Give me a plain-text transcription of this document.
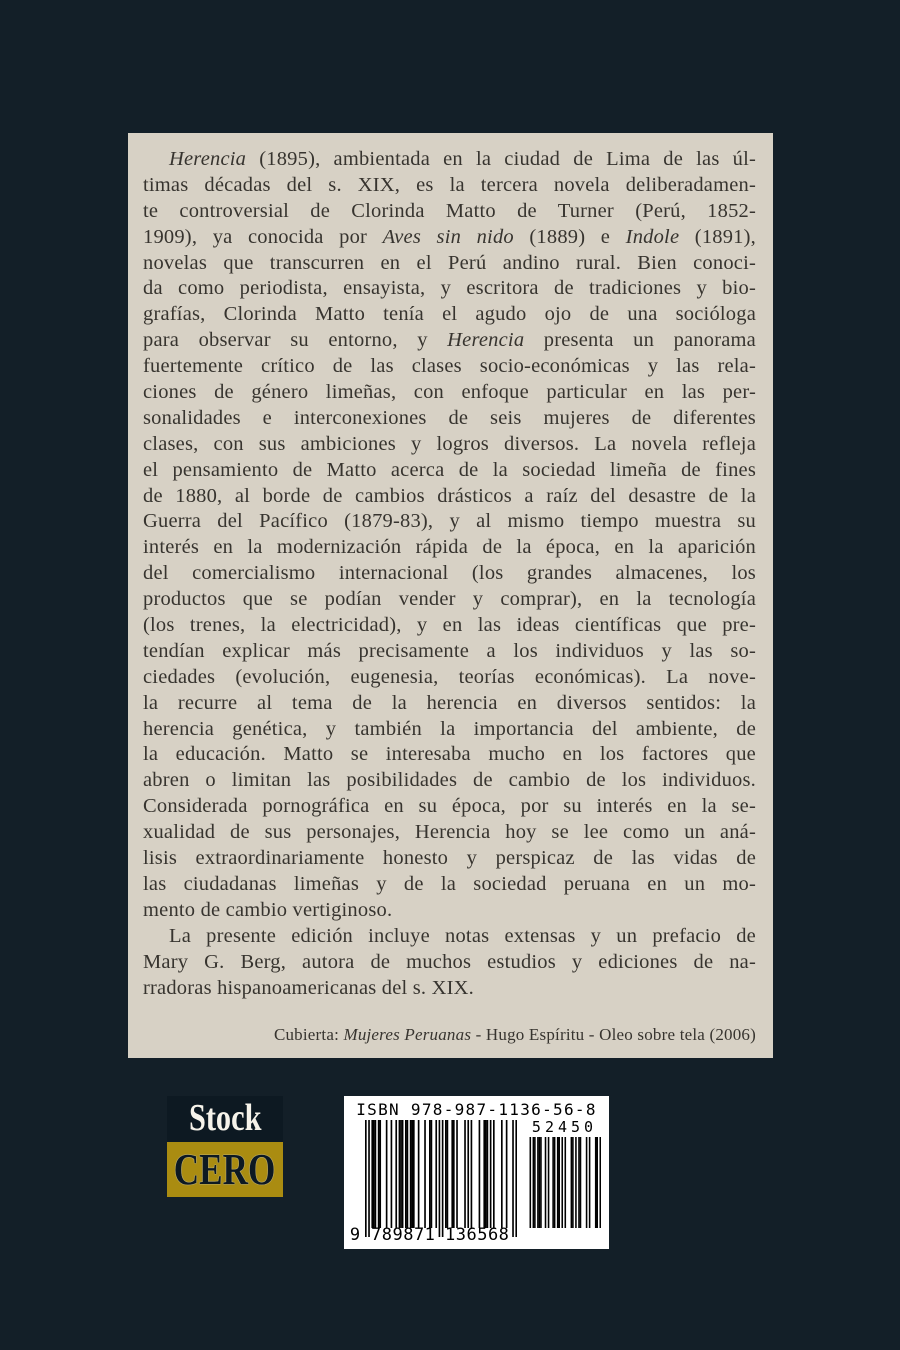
Herencia (1895), ambientada en la ciudad de Lima de las úl-
timas décadas del s. XIX, es la tercera novela deliberadamen-
te controversial de Clorinda Matto de Turner (Perú, 1852-
1909), ya conocida por Aves sin nido (1889) e Indole (1891),
novelas que transcurren en el Perú andino rural. Bien conoci-
da como periodista, ensayista, y escritora de tradiciones y bio-
grafías, Clorinda Matto tenía el agudo ojo de una socióloga
para observar su entorno, y Herencia presenta un panorama
fuertemente crítico de las clases socio-económicas y las rela-
ciones de género limeñas, con enfoque particular en las per-
sonalidades e interconexiones de seis mujeres de diferentes
clases, con sus ambiciones y logros diversos. La novela refleja
el pensamiento de Matto acerca de la sociedad limeña de fines
de 1880, al borde de cambios drásticos a raíz del desastre de la
Guerra del Pacífico (1879-83), y al mismo tiempo muestra su
interés en la modernización rápida de la época, en la aparición
del comercialismo internacional (los grandes almacenes, los
productos que se podían vender y comprar), en la tecnología
(los trenes, la electricidad), y en las ideas científicas que pre-
tendían explicar más precisamente a los individuos y las so-
ciedades (evolución, eugenesia, teorías económicas). La nove-
la recurre al tema de la herencia en diversos sentidos: la
herencia genética, y también la importancia del ambiente, de
la educación. Matto se interesaba mucho en los factores que
abren o limitan las posibilidades de cambio de los individuos.
Considerada pornográfica en su época, por su interés en la se-
xualidad de sus personajes, Herencia hoy se lee como un aná-
lisis extraordinariamente honesto y perspicaz de las vidas de
las ciudadanas limeñas y de la sociedad peruana en un mo-
mento de cambio vertiginoso.
La presente edición incluye notas extensas y un prefacio de
Mary G. Berg, autora de muchos estudios y ediciones de na-
rradoras hispanoamericanas del s. XIX.
Cubierta: Mujeres Peruanas - Hugo Espíritu - Oleo sobre tela (2006)
Stock
CERO
ISBN 978-987-1136-56-8
9 789871 136568
52450
